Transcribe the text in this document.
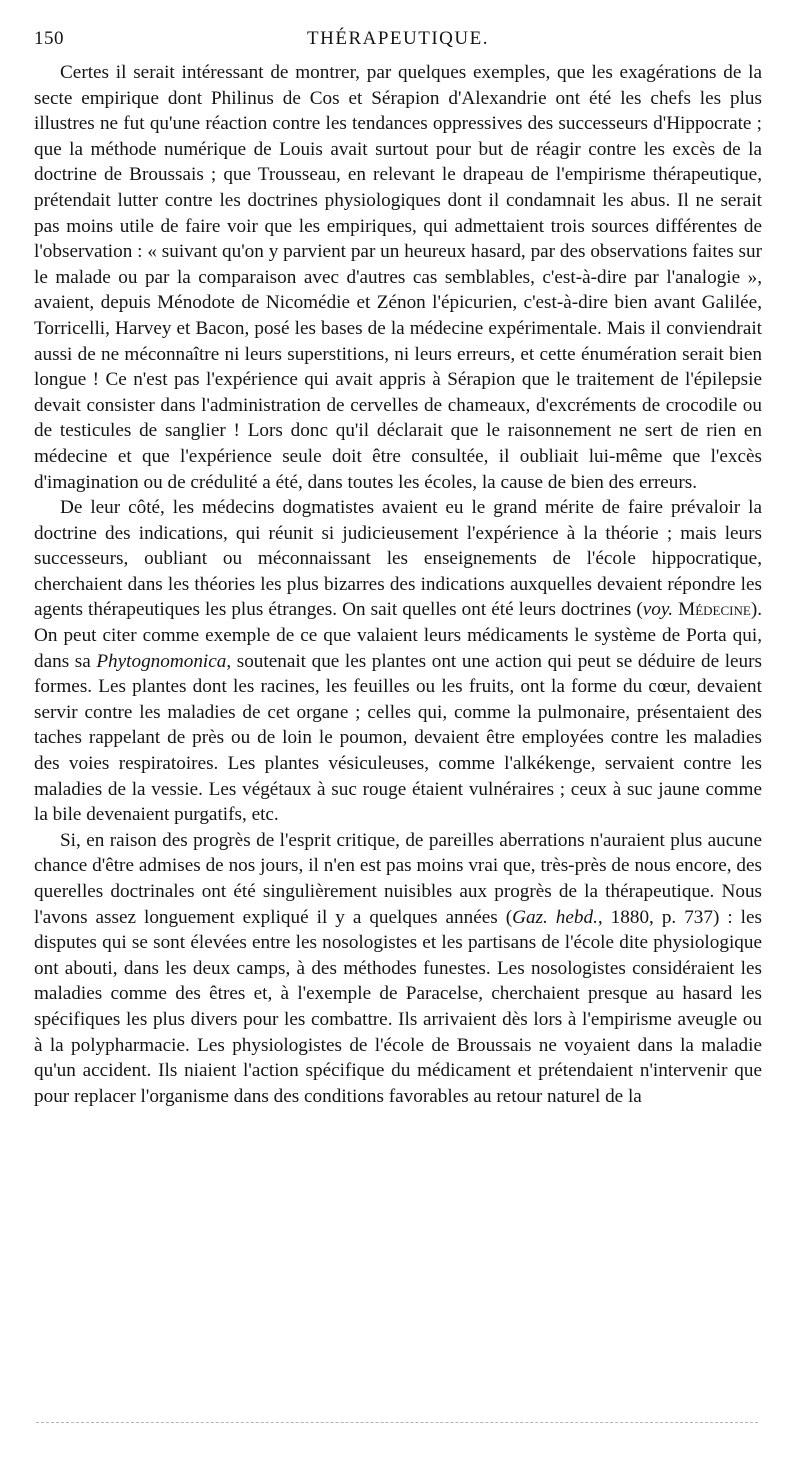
150	THÉRAPEUTIQUE.

Certes il serait intéressant de montrer, par quelques exemples, que les exagérations de la secte empirique dont Philinus de Cos et Sérapion d'Alexandrie ont été les chefs les plus illustres ne fut qu'une réaction contre les tendances oppressives des successeurs d'Hippocrate ; que la méthode numérique de Louis avait surtout pour but de réagir contre les excès de la doctrine de Broussais ; que Trousseau, en relevant le drapeau de l'empirisme thérapeutique, prétendait lutter contre les doctrines physiologiques dont il condamnait les abus. Il ne serait pas moins utile de faire voir que les empiriques, qui admettaient trois sources différentes de l'observation : « suivant qu'on y parvient par un heureux hasard, par des observations faites sur le malade ou par la comparaison avec d'autres cas semblables, c'est-à-dire par l'analogie », avaient, depuis Ménodote de Nicomédie et Zénon l'épicurien, c'est-à-dire bien avant Galilée, Torricelli, Harvey et Bacon, posé les bases de la médecine expérimentale. Mais il conviendrait aussi de ne méconnaître ni leurs superstitions, ni leurs erreurs, et cette énumération serait bien longue ! Ce n'est pas l'expérience qui avait appris à Sérapion que le traitement de l'épilepsie devait consister dans l'administration de cervelles de chameaux, d'excréments de crocodile ou de testicules de sanglier ! Lors donc qu'il déclarait que le raisonnement ne sert de rien en médecine et que l'expérience seule doit être consultée, il oubliait lui-même que l'excès d'imagination ou de crédulité a été, dans toutes les écoles, la cause de bien des erreurs.

De leur côté, les médecins dogmatistes avaient eu le grand mérite de faire prévaloir la doctrine des indications, qui réunit si judicieusement l'expérience à la théorie ; mais leurs successeurs, oubliant ou méconnaissant les enseignements de l'école hippocratique, cherchaient dans les théories les plus bizarres des indications auxquelles devaient répondre les agents thérapeutiques les plus étranges. On sait quelles ont été leurs doctrines (voy. Médecine). On peut citer comme exemple de ce que valaient leurs médicaments le système de Porta qui, dans sa Phytognomonica, soutenait que les plantes ont une action qui peut se déduire de leurs formes. Les plantes dont les racines, les feuilles ou les fruits, ont la forme du cœur, devaient servir contre les maladies de cet organe ; celles qui, comme la pulmonaire, présentaient des taches rappelant de près ou de loin le poumon, devaient être employées contre les maladies des voies respiratoires. Les plantes vésiculeuses, comme l'alkékenge, servaient contre les maladies de la vessie. Les végétaux à suc rouge étaient vulnéraires ; ceux à suc jaune comme la bile devenaient purgatifs, etc.

Si, en raison des progrès de l'esprit critique, de pareilles aberrations n'auraient plus aucune chance d'être admises de nos jours, il n'en est pas moins vrai que, très-près de nous encore, des querelles doctrinales ont été singulièrement nuisibles aux progrès de la thérapeutique. Nous l'avons assez longuement expliqué il y a quelques années (Gaz. hebd., 1880, p. 737) : les disputes qui se sont élevées entre les nosologistes et les partisans de l'école dite physiologique ont abouti, dans les deux camps, à des méthodes funestes. Les nosologistes considéraient les maladies comme des êtres et, à l'exemple de Paracelse, cherchaient presque au hasard les spécifiques les plus divers pour les combattre. Ils arrivaient dès lors à l'empirisme aveugle ou à la polypharmacie. Les physiologistes de l'école de Broussais ne voyaient dans la maladie qu'un accident. Ils niaient l'action spécifique du médicament et prétendaient n'intervenir que pour replacer l'organisme dans des conditions favorables au retour naturel de la
